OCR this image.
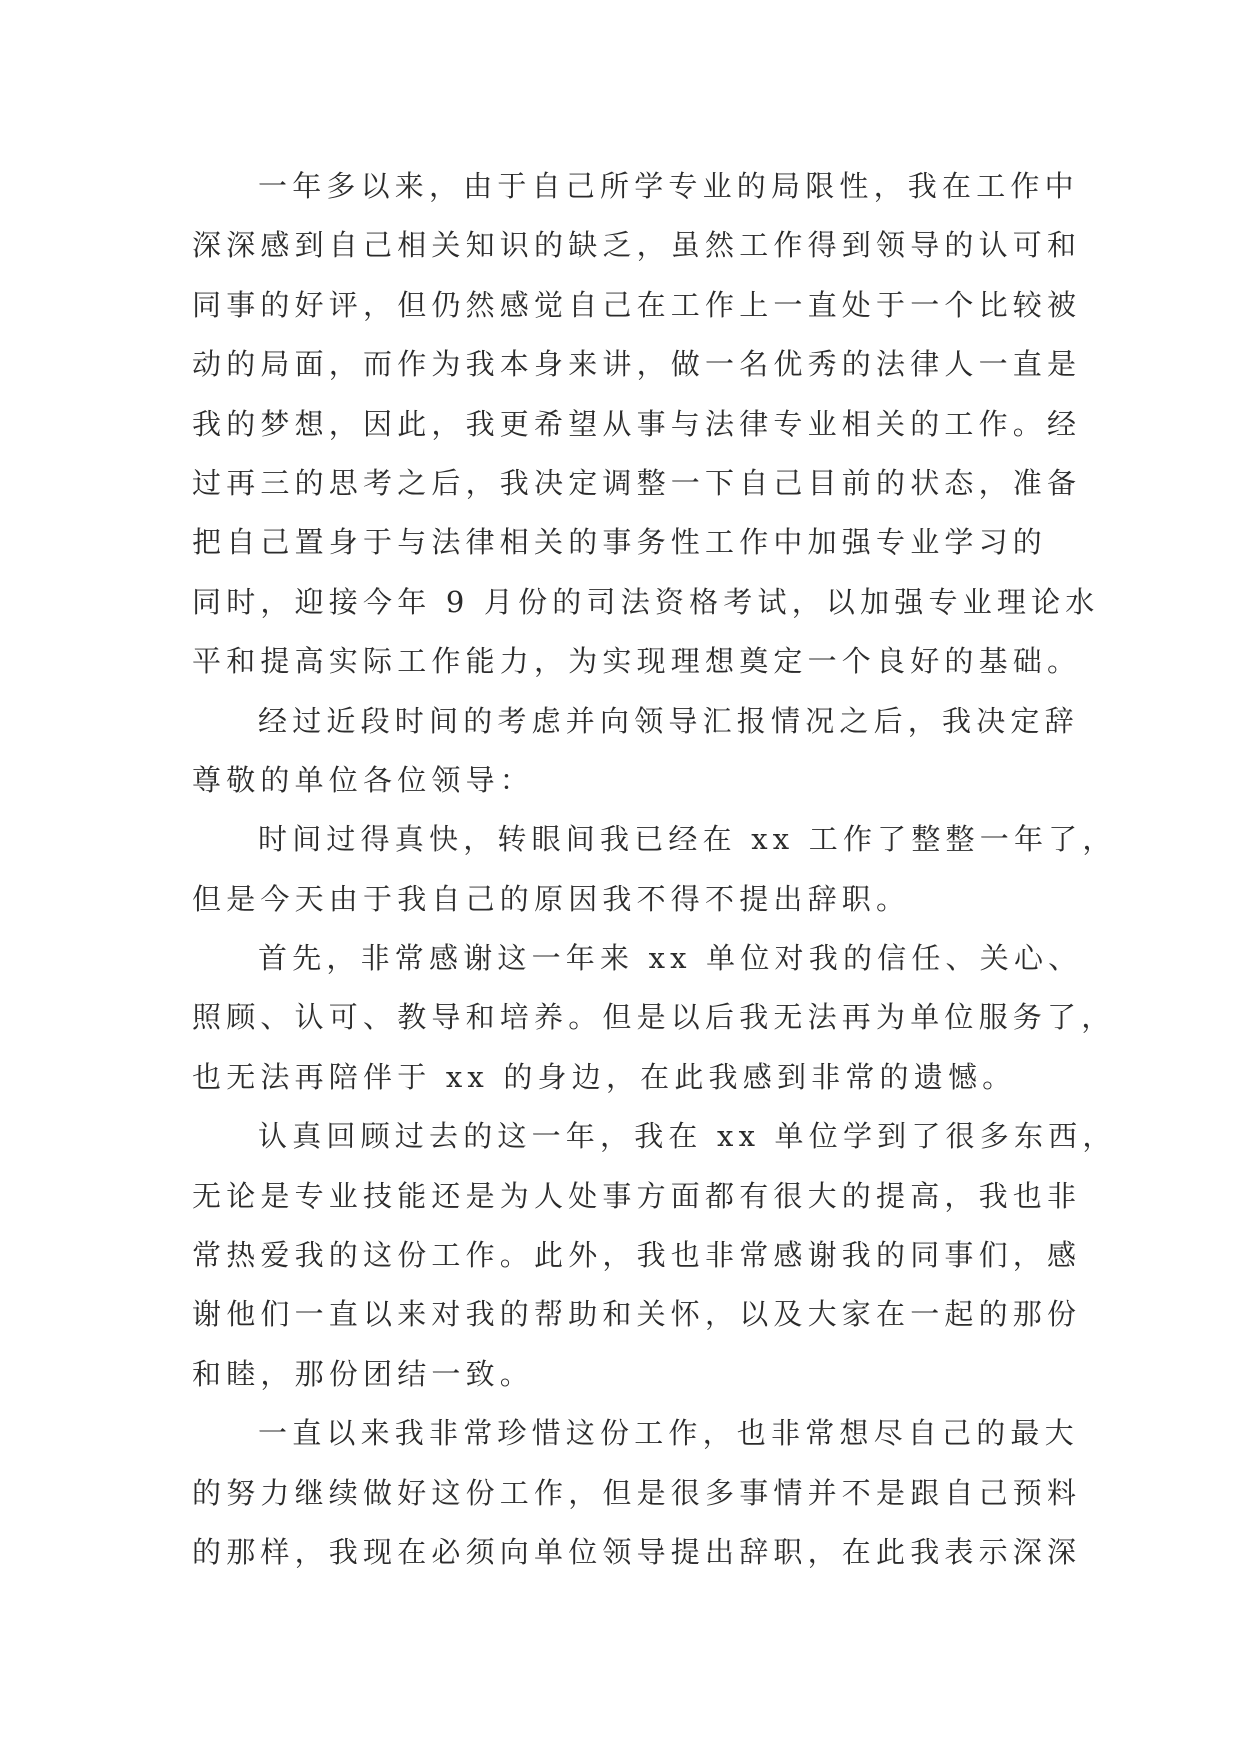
一年多以来，由于自己所学专业的局限性，我在工作中

深深感到自己相关知识的缺乏，虽然工作得到领导的认可和

同事的好评，但仍然感觉自己在工作上一直处于一个比较被

动的局面，而作为我本身来讲，做一名优秀的法律人一直是

我的梦想，因此，我更希望从事与法律专业相关的工作。经

过再三的思考之后，我决定调整一下自己目前的状态，准备

把自己置身于与法律相关的事务性工作中加强专业学习的

同时，迎接今年 9 月份的司法资格考试，以加强专业理论水

平和提高实际工作能力，为实现理想奠定一个良好的基础。

经过近段时间的考虑并向领导汇报情况之后，我决定辞

尊敬的单位各位领导：

时间过得真快，转眼间我已经在 xx 工作了整整一年了，

但是今天由于我自己的原因我不得不提出辞职。

首先，非常感谢这一年来 xx 单位对我的信任、关心、

照顾、认可、教导和培养。但是以后我无法再为单位服务了，

也无法再陪伴于 xx 的身边，在此我感到非常的遗憾。

认真回顾过去的这一年，我在 xx 单位学到了很多东西，

无论是专业技能还是为人处事方面都有很大的提高，我也非

常热爱我的这份工作。此外，我也非常感谢我的同事们，感

谢他们一直以来对我的帮助和关怀，以及大家在一起的那份

和睦，那份团结一致。

一直以来我非常珍惜这份工作，也非常想尽自己的最大

的努力继续做好这份工作，但是很多事情并不是跟自己预料

的那样，我现在必须向单位领导提出辞职，在此我表示深深
